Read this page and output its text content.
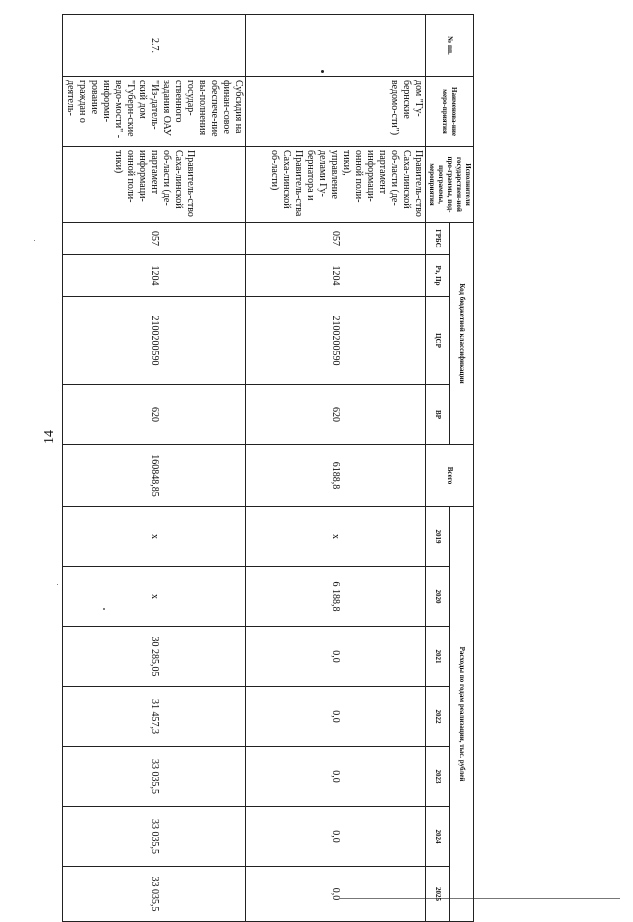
14
№ пп.	Наименова-ние меро-приятия	Исполнители государствен-ной про-граммы, под-программы, мероприятия	Код бюджетной классификации				Всего	Расходы по годам реализации, тыс. рублей						
			ГРБС	Рз, Пр	ЦСР	ВР		2019	2020	2021	2022	2023	2024	2025
	дом "Гу-бернские ведомо-сти")	Правитель-ство Саха-линской об-ласти (де-партамент информаци-онной поли-тики), управление делами Гу-бернатора и Правитель-ства Саха-линской об-ласти)	057	1204	2100200590	620	6188,8	x	6 188,8	0,0	0,0	0,0	0,0	0,0
2.7.	Субсидия на финан-совое обеспече-ние вы-полнения государ-ственного задания ОАУ "Из-датель-ский дом "Губерн-ские ведо-мости" - информи-рование граждан о деятель-	Правитель-ство Саха-линской об-ласти (де-партамент информаци-онной поли-тики)	057	1204	2100200590	620	160848,85	x	x	30 285,05	31 457,3	33 035,5	33 035,5	33 035,5
